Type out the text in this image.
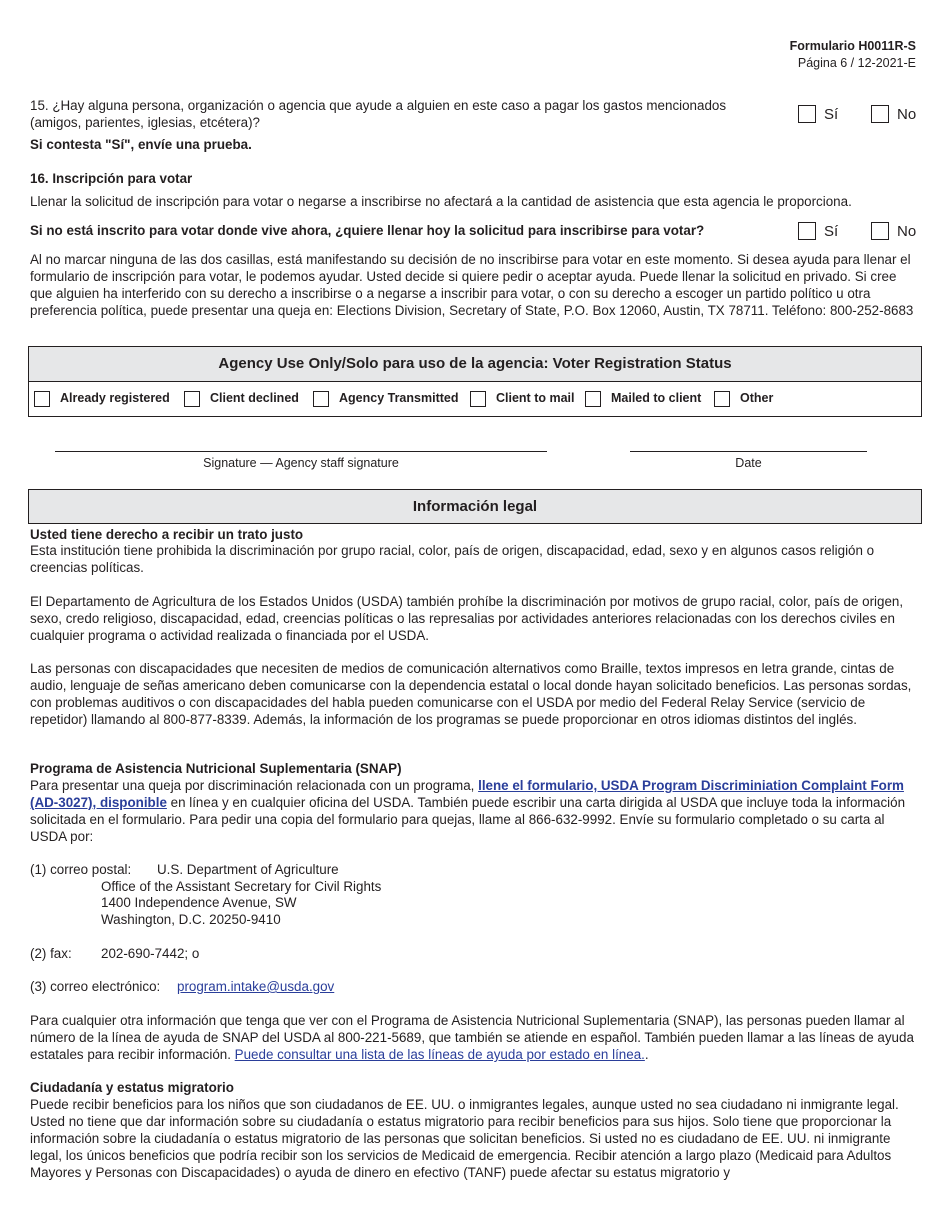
Formulario H0011R-S
Página 6 / 12-2021-E
15. ¿Hay alguna persona, organización o agencia que ayude a alguien en este caso a pagar los gastos mencionados (amigos, parientes, iglesias, etcétera)?
Si contesta "Sí", envíe una prueba.
Sí	No
16. Inscripción para votar
Llenar la solicitud de inscripción para votar o negarse a inscribirse no afectará a la cantidad de asistencia que esta agencia le proporciona.
Si no está inscrito para votar donde vive ahora, ¿quiere llenar hoy la solicitud para inscribirse para votar?	Sí	No
Al no marcar ninguna de las dos casillas, está manifestando su decisión de no inscribirse para votar en este momento. Si desea ayuda para llenar el formulario de inscripción para votar, le podemos ayudar. Usted decide si quiere pedir o aceptar ayuda. Puede llenar la solicitud en privado. Si cree que alguien ha interferido con su derecho a inscribirse o a negarse a inscribir para votar, o con su derecho a escoger un partido político u otra preferencia política, puede presentar una queja en: Elections Division, Secretary of State, P.O. Box 12060, Austin, TX 78711. Teléfono: 800-252-8683
Agency Use Only/Solo para uso de la agencia: Voter Registration Status
Already registered	Client declined	Agency Transmitted	Client to mail	Mailed to client	Other
Signature — Agency staff signature	Date
Información legal
Usted tiene derecho a recibir un trato justo
Esta institución tiene prohibida la discriminación por grupo racial, color, país de origen, discapacidad, edad, sexo y en algunos casos religión o creencias políticas.
El Departamento de Agricultura de los Estados Unidos (USDA) también prohíbe la discriminación por motivos de grupo racial, color, país de origen, sexo, credo religioso, discapacidad, edad, creencias políticas o las represalias por actividades anteriores relacionadas con los derechos civiles en cualquier programa o actividad realizada o financiada por el USDA.
Las personas con discapacidades que necesiten de medios de comunicación alternativos como Braille, textos impresos en letra grande, cintas de audio, lenguaje de señas americano deben comunicarse con la dependencia estatal o local donde hayan solicitado beneficios. Las personas sordas, con problemas auditivos o con discapacidades del habla pueden comunicarse con el USDA por medio del Federal Relay Service (servicio de repetidor) llamando al 800-877-8339. Además, la información de los programas se puede proporcionar en otros idiomas distintos del inglés.
Programa de Asistencia Nutricional Suplementaria (SNAP)
Para presentar una queja por discriminación relacionada con un programa, llene el formulario, USDA Program Discriminiation Complaint Form (AD-3027), disponible en línea y en cualquier oficina del USDA. También puede escribir una carta dirigida al USDA que incluye toda la información solicitada en el formulario. Para pedir una copia del formulario para quejas, llame al 866-632-9992. Envíe su formulario completado o su carta al USDA por:
(1) correo postal: U.S. Department of Agriculture
Office of the Assistant Secretary for Civil Rights
1400 Independence Avenue, SW
Washington, D.C. 20250-9410
(2) fax: 202-690-7442; o
(3) correo electrónico: program.intake@usda.gov
Para cualquier otra información que tenga que ver con el Programa de Asistencia Nutricional Suplementaria (SNAP), las personas pueden llamar al número de la línea de ayuda de SNAP del USDA al 800-221-5689, que también se atiende en español. También pueden llamar a las líneas de ayuda estatales para recibir información. Puede consultar una lista de las líneas de ayuda por estado en línea..
Ciudadanía y estatus migratorio
Puede recibir beneficios para los niños que son ciudadanos de EE. UU. o inmigrantes legales, aunque usted no sea ciudadano ni inmigrante legal. Usted no tiene que dar información sobre su ciudadanía o estatus migratorio para recibir beneficios para sus hijos. Solo tiene que proporcionar la información sobre la ciudadanía o estatus migratorio de las personas que solicitan beneficios. Si usted no es ciudadano de EE. UU. ni inmigrante legal, los únicos beneficios que podría recibir son los servicios de Medicaid de emergencia. Recibir atención a largo plazo (Medicaid para Adultos Mayores y Personas con Discapacidades) o ayuda de dinero en efectivo (TANF) puede afectar su estatus migratorio y
